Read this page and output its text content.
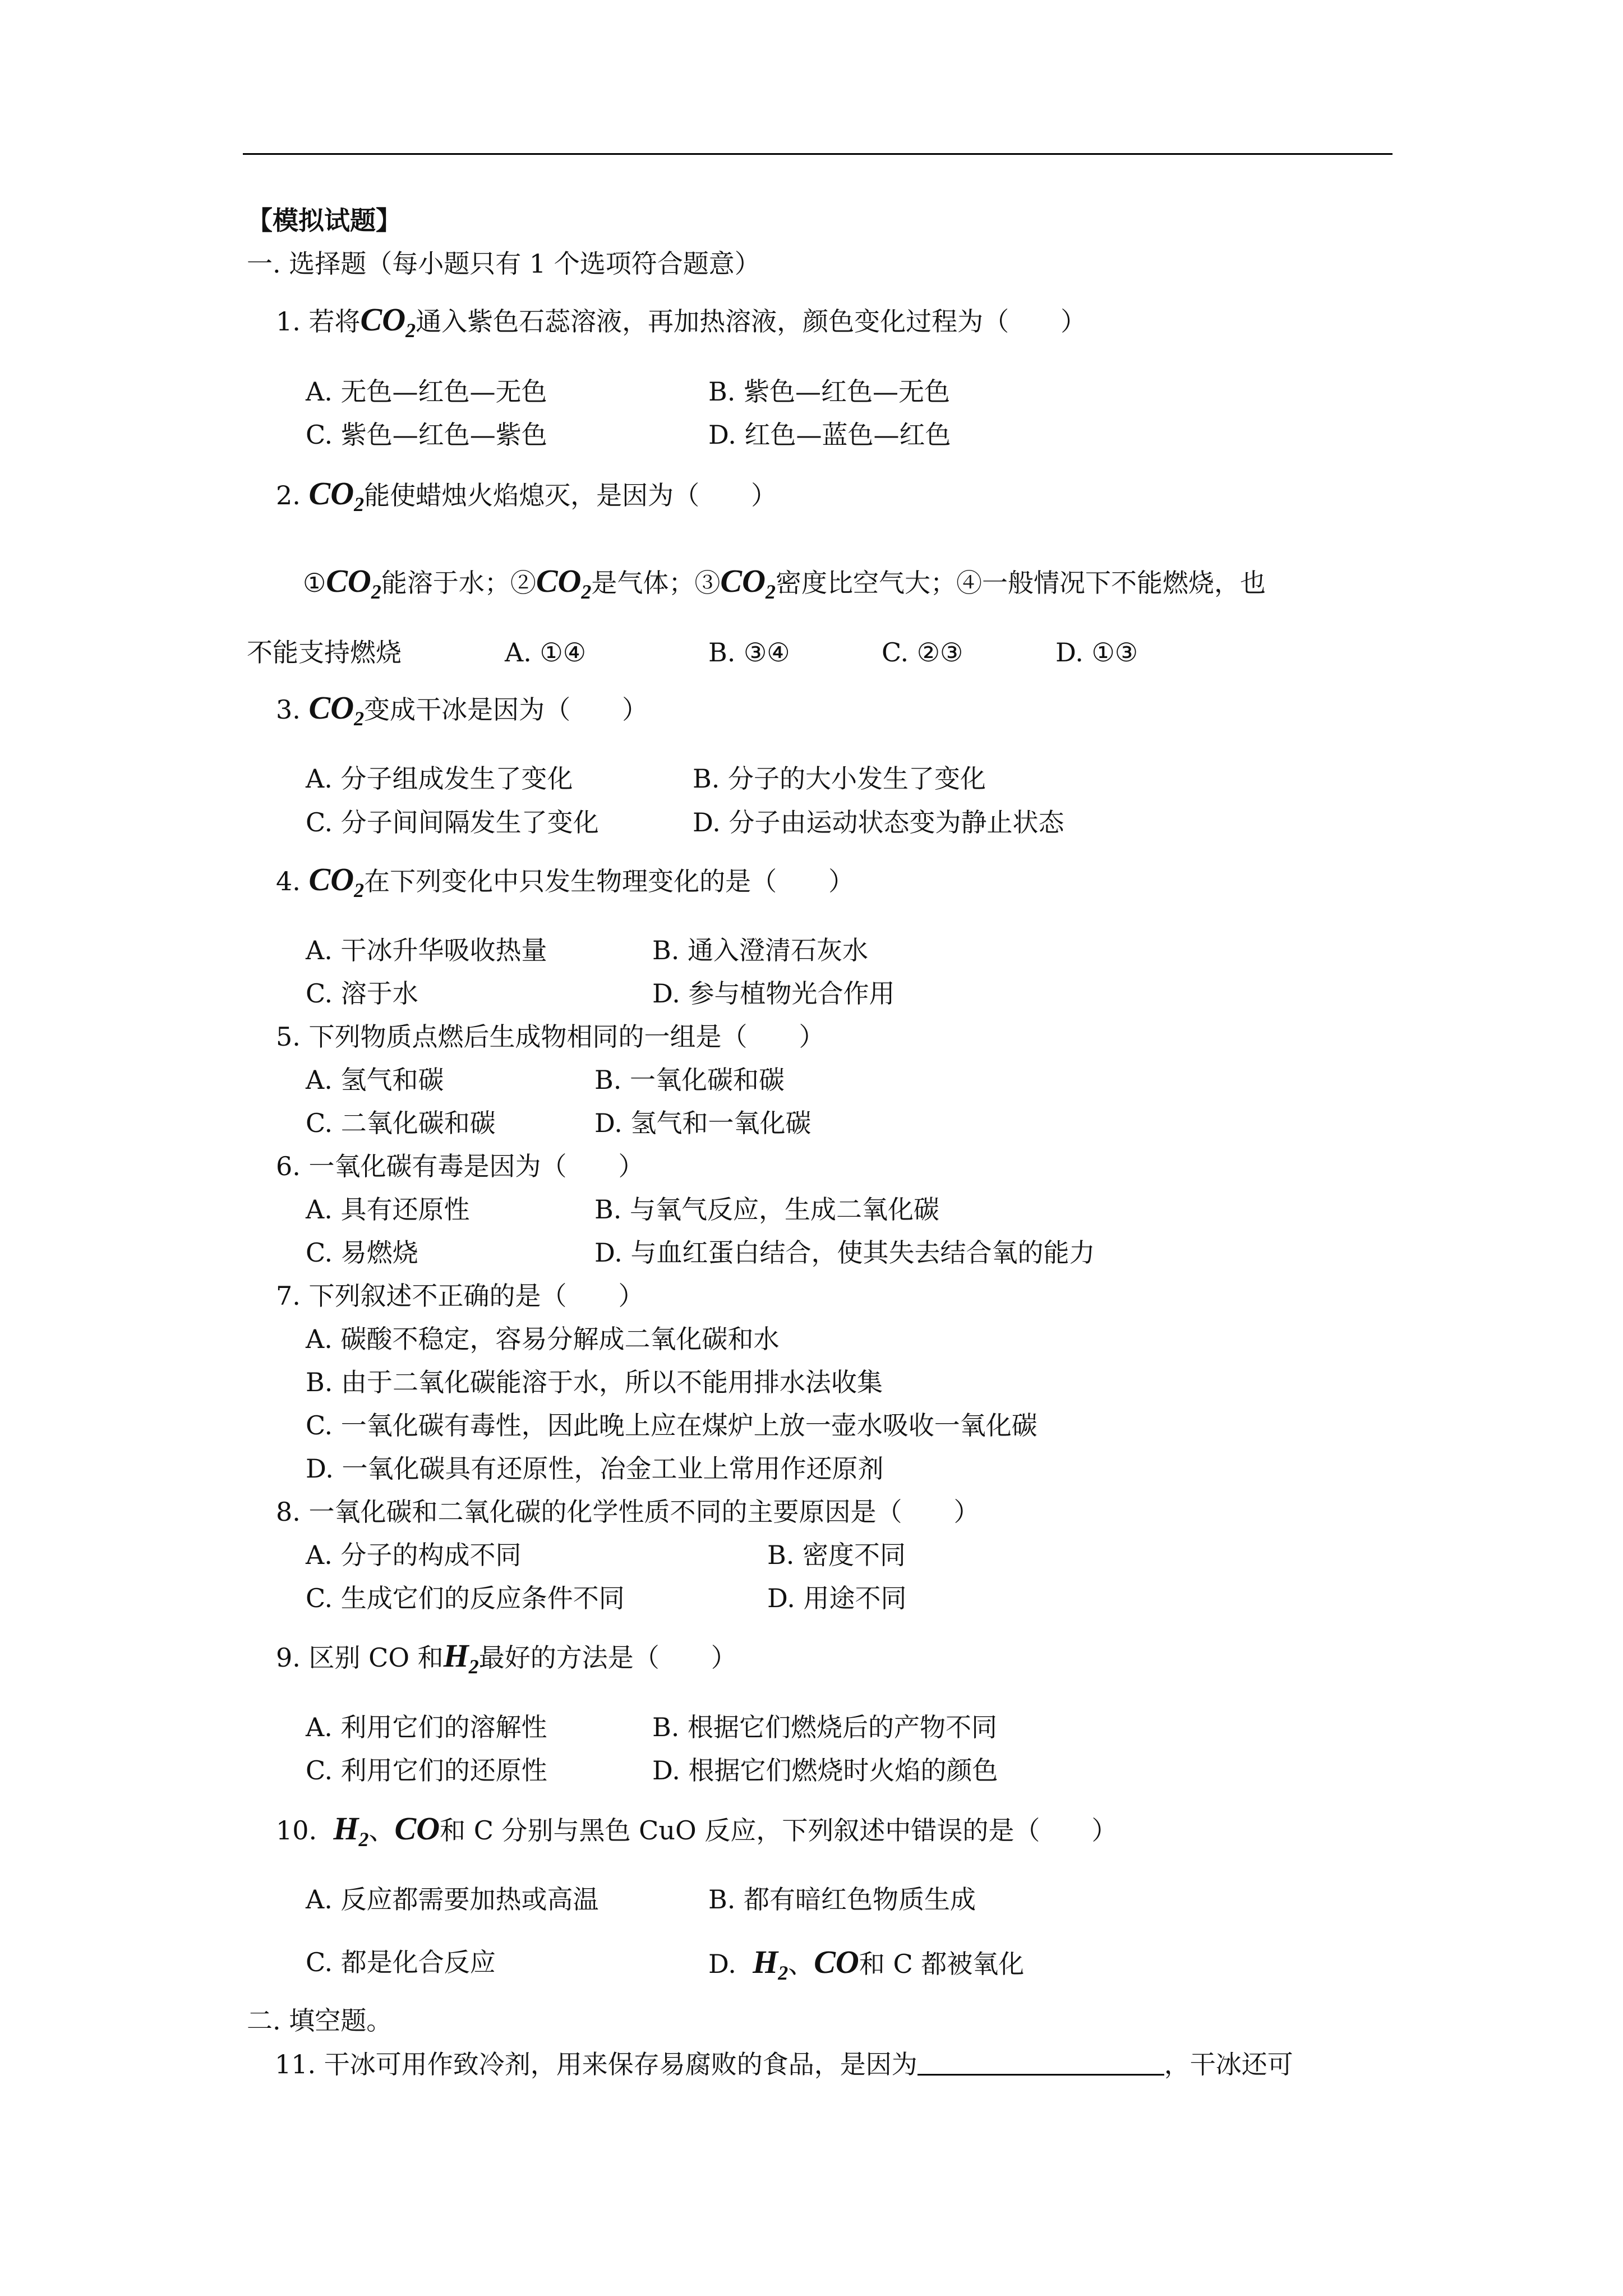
【模拟试题】
一. 选择题（每小题只有 1 个选项符合题意）
1. 若将$CO_2$通入紫色石蕊溶液，再加热溶液，颜色变化过程为（　　）
A. 无色—红色—无色	B. 紫色—红色—无色
C. 紫色—红色—紫色	D. 红色—蓝色—红色
2. $CO_2$能使蜡烛火焰熄灭，是因为（　　）
$①CO_2$能溶于水；$②CO_2$是气体；$③CO_2$密度比空气大；④一般情况下不能燃烧，也
不能支持燃烧	A. ①④	B. ③④	C. ②③	D. ①③
3. $CO_2$变成干冰是因为（　　）
A. 分子组成发生了变化	B. 分子的大小发生了变化
C. 分子间间隔发生了变化	D. 分子由运动状态变为静止状态
4. $CO_2$在下列变化中只发生物理变化的是（　　）
A. 干冰升华吸收热量	B. 通入澄清石灰水
C. 溶于水	D. 参与植物光合作用
5. 下列物质点燃后生成物相同的一组是（　　）
A. 氢气和碳	B. 一氧化碳和碳
C. 二氧化碳和碳	D. 氢气和一氧化碳
6. 一氧化碳有毒是因为（　　）
A. 具有还原性	B. 与氧气反应，生成二氧化碳
C. 易燃烧	D. 与血红蛋白结合，使其失去结合氧的能力
7. 下列叙述不正确的是（　　）
A. 碳酸不稳定，容易分解成二氧化碳和水
B. 由于二氧化碳能溶于水，所以不能用排水法收集
C. 一氧化碳有毒性，因此晚上应在煤炉上放一壶水吸收一氧化碳
D. 一氧化碳具有还原性，冶金工业上常用作还原剂
8. 一氧化碳和二氧化碳的化学性质不同的主要原因是（　　）
A. 分子的构成不同	B. 密度不同
C. 生成它们的反应条件不同	D. 用途不同
9. 区别 CO 和$H_2$最好的方法是（　　）
A. 利用它们的溶解性	B. 根据它们燃烧后的产物不同
C. 利用它们的还原性	D. 根据它们燃烧时火焰的颜色
10. $H_2$、CO和 C 分别与黑色 CuO 反应，下列叙述中错误的是（　　）
A. 反应都需要加热或高温	B. 都有暗红色物质生成
C. 都是化合反应	D. $H_2$、CO和 C 都被氧化
二. 填空题。
11. 干冰可用作致冷剂，用来保存易腐败的食品，是因为	，干冰还可
